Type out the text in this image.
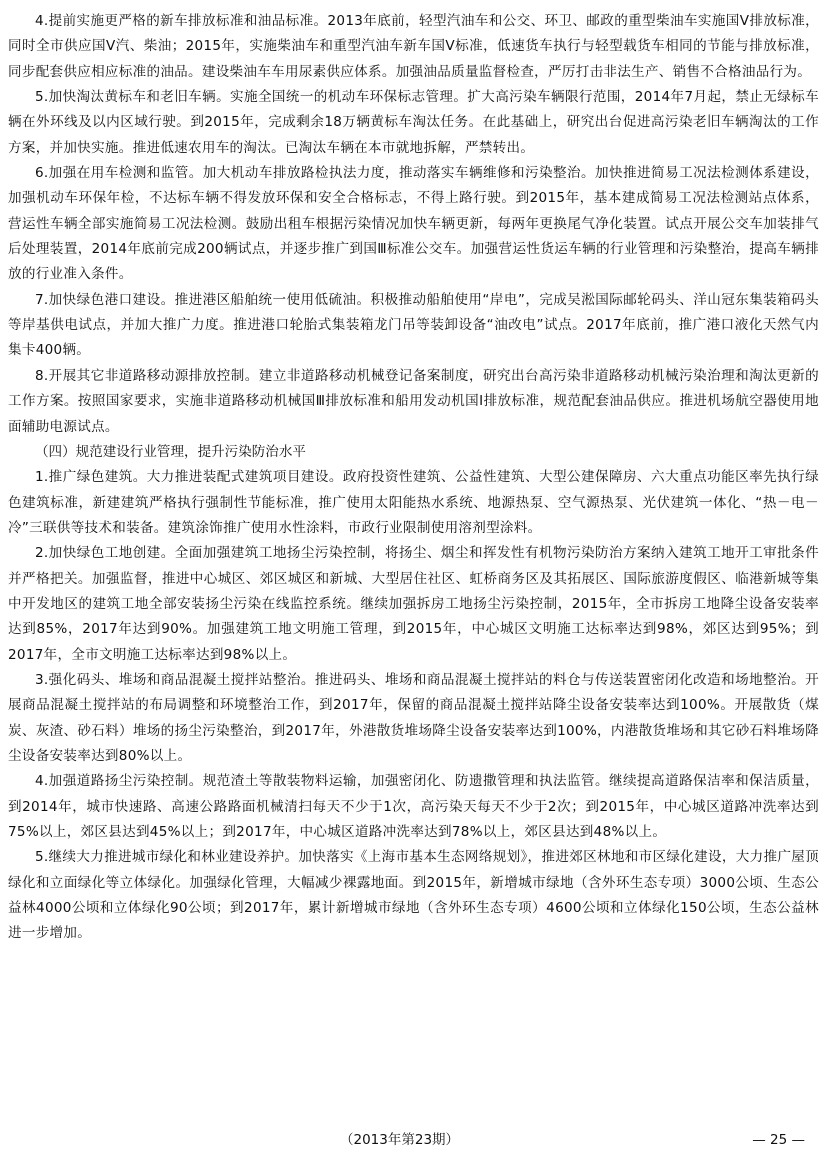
4.提前实施更严格的新车排放标准和油品标准。2013年底前，轻型汽油车和公交、环卫、邮政的重型柴油车实施国Ⅴ排放标准，同时全市供应国Ⅴ汽、柴油；2015年，实施柴油车和重型汽油车新车国Ⅴ标准，低速货车执行与轻型载货车相同的节能与排放标准，同步配套供应相应标准的油品。建设柴油车车用尿素供应体系。加强油品质量监督检查，严厉打击非法生产、销售不合格油品行为。

5.加快淘汰黄标车和老旧车辆。实施全国统一的机动车环保标志管理。扩大高污染车辆限行范围，2014年7月起，禁止无绿标车辆在外环线及以内区域行驶。到2015年，完成剩余18万辆黄标车淘汰任务。在此基础上，研究出台促进高污染老旧车辆淘汰的工作方案，并加快实施。推进低速农用车的淘汰。已淘汰车辆在本市就地拆解，严禁转出。

6.加强在用车检测和监管。加大机动车排放路检执法力度，推动落实车辆维修和污染整治。加快推进简易工况法检测体系建设，加强机动车环保年检，不达标车辆不得发放环保和安全合格标志，不得上路行驶。到2015年，基本建成简易工况法检测站点体系，营运性车辆全部实施简易工况法检测。鼓励出租车根据污染情况加快车辆更新，每两年更换尾气净化装置。试点开展公交车加装排气后处理装置，2014年底前完成200辆试点，并逐步推广到国Ⅲ标准公交车。加强营运性货运车辆的行业管理和污染整治，提高车辆排放的行业准入条件。

7.加快绿色港口建设。推进港区船舶统一使用低硫油。积极推动船舶使用“岸电”，完成吴淞国际邮轮码头、洋山冠东集装箱码头等岸基供电试点，并加大推广力度。推进港口轮胎式集装箱龙门吊等装卸设备“油改电”试点。2017年底前，推广港口液化天然气内集卡400辆。

8.开展其它非道路移动源排放控制。建立非道路移动机械登记备案制度，研究出台高污染非道路移动机械污染治理和淘汰更新的工作方案。按照国家要求，实施非道路移动机械国Ⅲ排放标准和船用发动机国Ⅰ排放标准，规范配套油品供应。推进机场航空器使用地面辅助电源试点。

（四）规范建设行业管理，提升污染防治水平

1.推广绿色建筑。大力推进装配式建筑项目建设。政府投资性建筑、公益性建筑、大型公建保障房、六大重点功能区率先执行绿色建筑标准，新建建筑严格执行强制性节能标准，推广使用太阳能热水系统、地源热泵、空气源热泵、光伏建筑一体化、“热－电－冷”三联供等技术和装备。建筑涂饰推广使用水性涂料，市政行业限制使用溶剂型涂料。

2.加快绿色工地创建。全面加强建筑工地扬尘污染控制，将扬尘、烟尘和挥发性有机物污染防治方案纳入建筑工地开工审批条件并严格把关。加强监督，推进中心城区、郊区城区和新城、大型居住社区、虹桥商务区及其拓展区、国际旅游度假区、临港新城等集中开发地区的建筑工地全部安装扬尘污染在线监控系统。继续加强拆房工地扬尘污染控制，2015年，全市拆房工地降尘设备安装率达到85%，2017年达到90%。加强建筑工地文明施工管理，到2015年，中心城区文明施工达标率达到98%，郊区达到95%；到2017年，全市文明施工达标率达到98%以上。

3.强化码头、堆场和商品混凝土搅拌站整治。推进码头、堆场和商品混凝土搅拌站的料仓与传送装置密闭化改造和场地整治。开展商品混凝土搅拌站的布局调整和环境整治工作，到2017年，保留的商品混凝土搅拌站降尘设备安装率达到100%。开展散货（煤炭、灰渣、砂石料）堆场的扬尘污染整治，到2017年，外港散货堆场降尘设备安装率达到100%，内港散货堆场和其它砂石料堆场降尘设备安装率达到80%以上。

4.加强道路扬尘污染控制。规范渣土等散装物料运输，加强密闭化、防遗撒管理和执法监管。继续提高道路保洁率和保洁质量，到2014年，城市快速路、高速公路路面机械清扫每天不少于1次，高污染天每天不少于2次；到2015年，中心城区道路冲洗率达到75%以上，郊区县达到45%以上；到2017年，中心城区道路冲洗率达到78%以上，郊区县达到48%以上。

5.继续大力推进城市绿化和林业建设养护。加快落实《上海市基本生态网络规划》，推进郊区林地和市区绿化建设，大力推广屋顶绿化和立面绿化等立体绿化。加强绿化管理，大幅减少裸露地面。到2015年，新增城市绿地（含外环生态专项）3000公顷、生态公益林4000公顷和立体绿化90公顷；到2017年，累计新增城市绿地（含外环生态专项）4600公顷和立体绿化150公顷，生态公益林进一步增加。

（2013年第23期）	— 25 —
